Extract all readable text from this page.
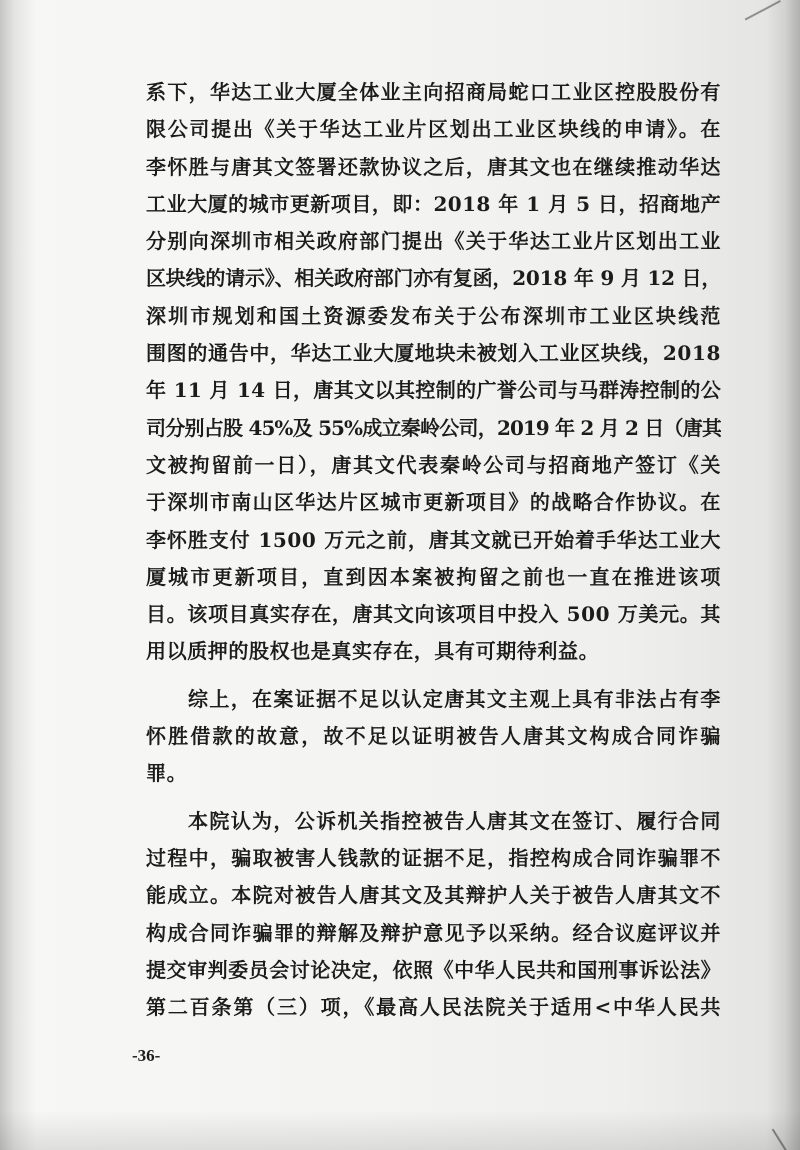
系下，华达工业大厦全体业主向招商局蛇口工业区控股股份有
限公司提出《关于华达工业片区划出工业区块线的申请》。在
李怀胜与唐其文签署还款协议之后，唐其文也在继续推动华达
工业大厦的城市更新项目，即：2018 年 1 月 5 日，招商地产
分别向深圳市相关政府部门提出《关于华达工业片区划出工业
区块线的请示》、相关政府部门亦有复函，2018 年 9 月 12 日，
深圳市规划和国土资源委发布关于公布深圳市工业区块线范
围图的通告中，华达工业大厦地块未被划入工业区块线，2018
年 11 月 14 日，唐其文以其控制的广誉公司与马群涛控制的公
司分别占股 45%及 55%成立秦岭公司，2019 年 2 月 2 日（唐其
文被拘留前一日），唐其文代表秦岭公司与招商地产签订《关
于深圳市南山区华达片区城市更新项目》的战略合作协议。在
李怀胜支付 1500 万元之前，唐其文就已开始着手华达工业大
厦城市更新项目，直到因本案被拘留之前也一直在推进该项
目。该项目真实存在，唐其文向该项目中投入 500 万美元。其
用以质押的股权也是真实存在，具有可期待利益。
综上，在案证据不足以认定唐其文主观上具有非法占有李
怀胜借款的故意，故不足以证明被告人唐其文构成合同诈骗
罪。
本院认为，公诉机关指控被告人唐其文在签订、履行合同
过程中，骗取被害人钱款的证据不足，指控构成合同诈骗罪不
能成立。本院对被告人唐其文及其辩护人关于被告人唐其文不
构成合同诈骗罪的辩解及辩护意见予以采纳。经合议庭评议并
提交审判委员会讨论决定，依照《中华人民共和国刑事诉讼法》
第二百条第（三）项，《最高人民法院关于适用<中华人民共
-36-
